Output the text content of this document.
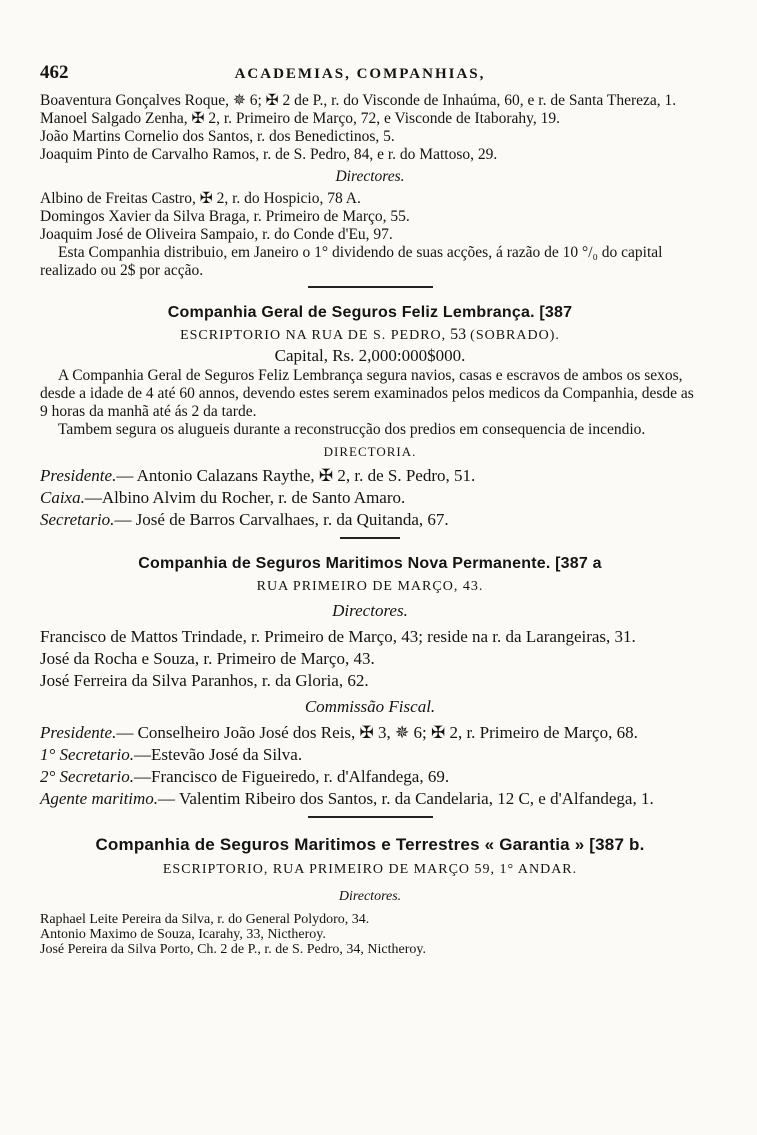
462	ACADEMIAS, COMPANHIAS,

Boaventura Gonçalves Roque, ✵ 6; ✠ 2 de P., r. do Visconde de Inhaúma, 60, e r. de Santa Thereza, 1.

Manoel Salgado Zenha, ✠ 2, r. Primeiro de Março, 72, e Visconde de Itaborahy, 19.

João Martins Cornelio dos Santos, r. dos Benedictinos, 5.

Joaquim Pinto de Carvalho Ramos, r. de S. Pedro, 84, e r. do Mattoso, 29.

Directores.

Albino de Freitas Castro, ✠ 2, r. do Hospicio, 78 A.

Domingos Xavier da Silva Braga, r. Primeiro de Março, 55.

Joaquim José de Oliveira Sampaio, r. do Conde d'Eu, 97.

Esta Companhia distribuio, em Janeiro o 1° dividendo de suas acções, á razão de 10 °/₀ do capital realizado ou 2$ por acção.

Companhia Geral de Seguros Feliz Lembrança. [387

ESCRIPTORIO NA RUA DE S. PEDRO, 53 (SOBRADO).

Capital, Rs. 2,000:000$000.

A Companhia Geral de Seguros Feliz Lembrança segura navios, casas e escravos de ambos os sexos, desde a idade de 4 até 60 annos, devendo estes serem examinados pelos medicos da Companhia, desde as 9 horas da manhã até ás 2 da tarde.

Tambem segura os alugueis durante a reconstrucção dos predios em consequencia de incendio.

DIRECTORIA.

Presidente.— Antonio Calazans Raythe, ✠ 2, r. de S. Pedro, 51.

Caixa.—Albino Alvim du Rocher, r. de Santo Amaro.

Secretario.— José de Barros Carvalhaes, r. da Quitanda, 67.

Companhia de Seguros Maritimos Nova Permanente. [387 a

RUA PRIMEIRO DE MARÇO, 43.

Directores.

Francisco de Mattos Trindade, r. Primeiro de Março, 43; reside na r. da Larangeiras, 31.

José da Rocha e Souza, r. Primeiro de Março, 43.

José Ferreira da Silva Paranhos, r. da Gloria, 62.

Commissão Fiscal.

Presidente.— Conselheiro João José dos Reis, ✠ 3, ✵ 6; ✠ 2, r. Primeiro de Março, 68.

1° Secretario.—Estevão José da Silva.

2° Secretario.—Francisco de Figueiredo, r. d'Alfandega, 69.

Agente maritimo.— Valentim Ribeiro dos Santos, r. da Candelaria, 12 C, e d'Alfandega, 1.

Companhia de Seguros Maritimos e Terrestres « Garantia » [387 b.

ESCRIPTORIO, RUA PRIMEIRO DE MARÇO 59, 1° ANDAR.

Directores.

Raphael Leite Pereira da Silva, r. do General Polydoro, 34.

Antonio Maximo de Souza, Icarahy, 33, Nictheroy.

José Pereira da Silva Porto, Ch. 2 de P., r. de S. Pedro, 34, Nictheroy.
